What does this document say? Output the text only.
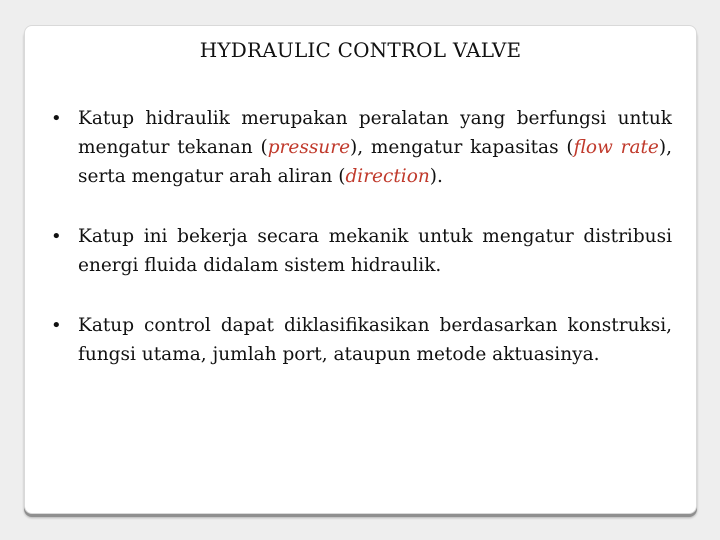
HYDRAULIC CONTROL VALVE
• Katup hidraulik merupakan peralatan yang berfungsi untuk mengatur tekanan (pressure), mengatur kapasitas (flow rate), serta mengatur arah aliran (direction).
• Katup ini bekerja secara mekanik untuk mengatur distribusi energi fluida didalam sistem hidraulik.
• Katup control dapat diklasifikasikan berdasarkan konstruksi, fungsi utama, jumlah port, ataupun metode aktuasinya.
